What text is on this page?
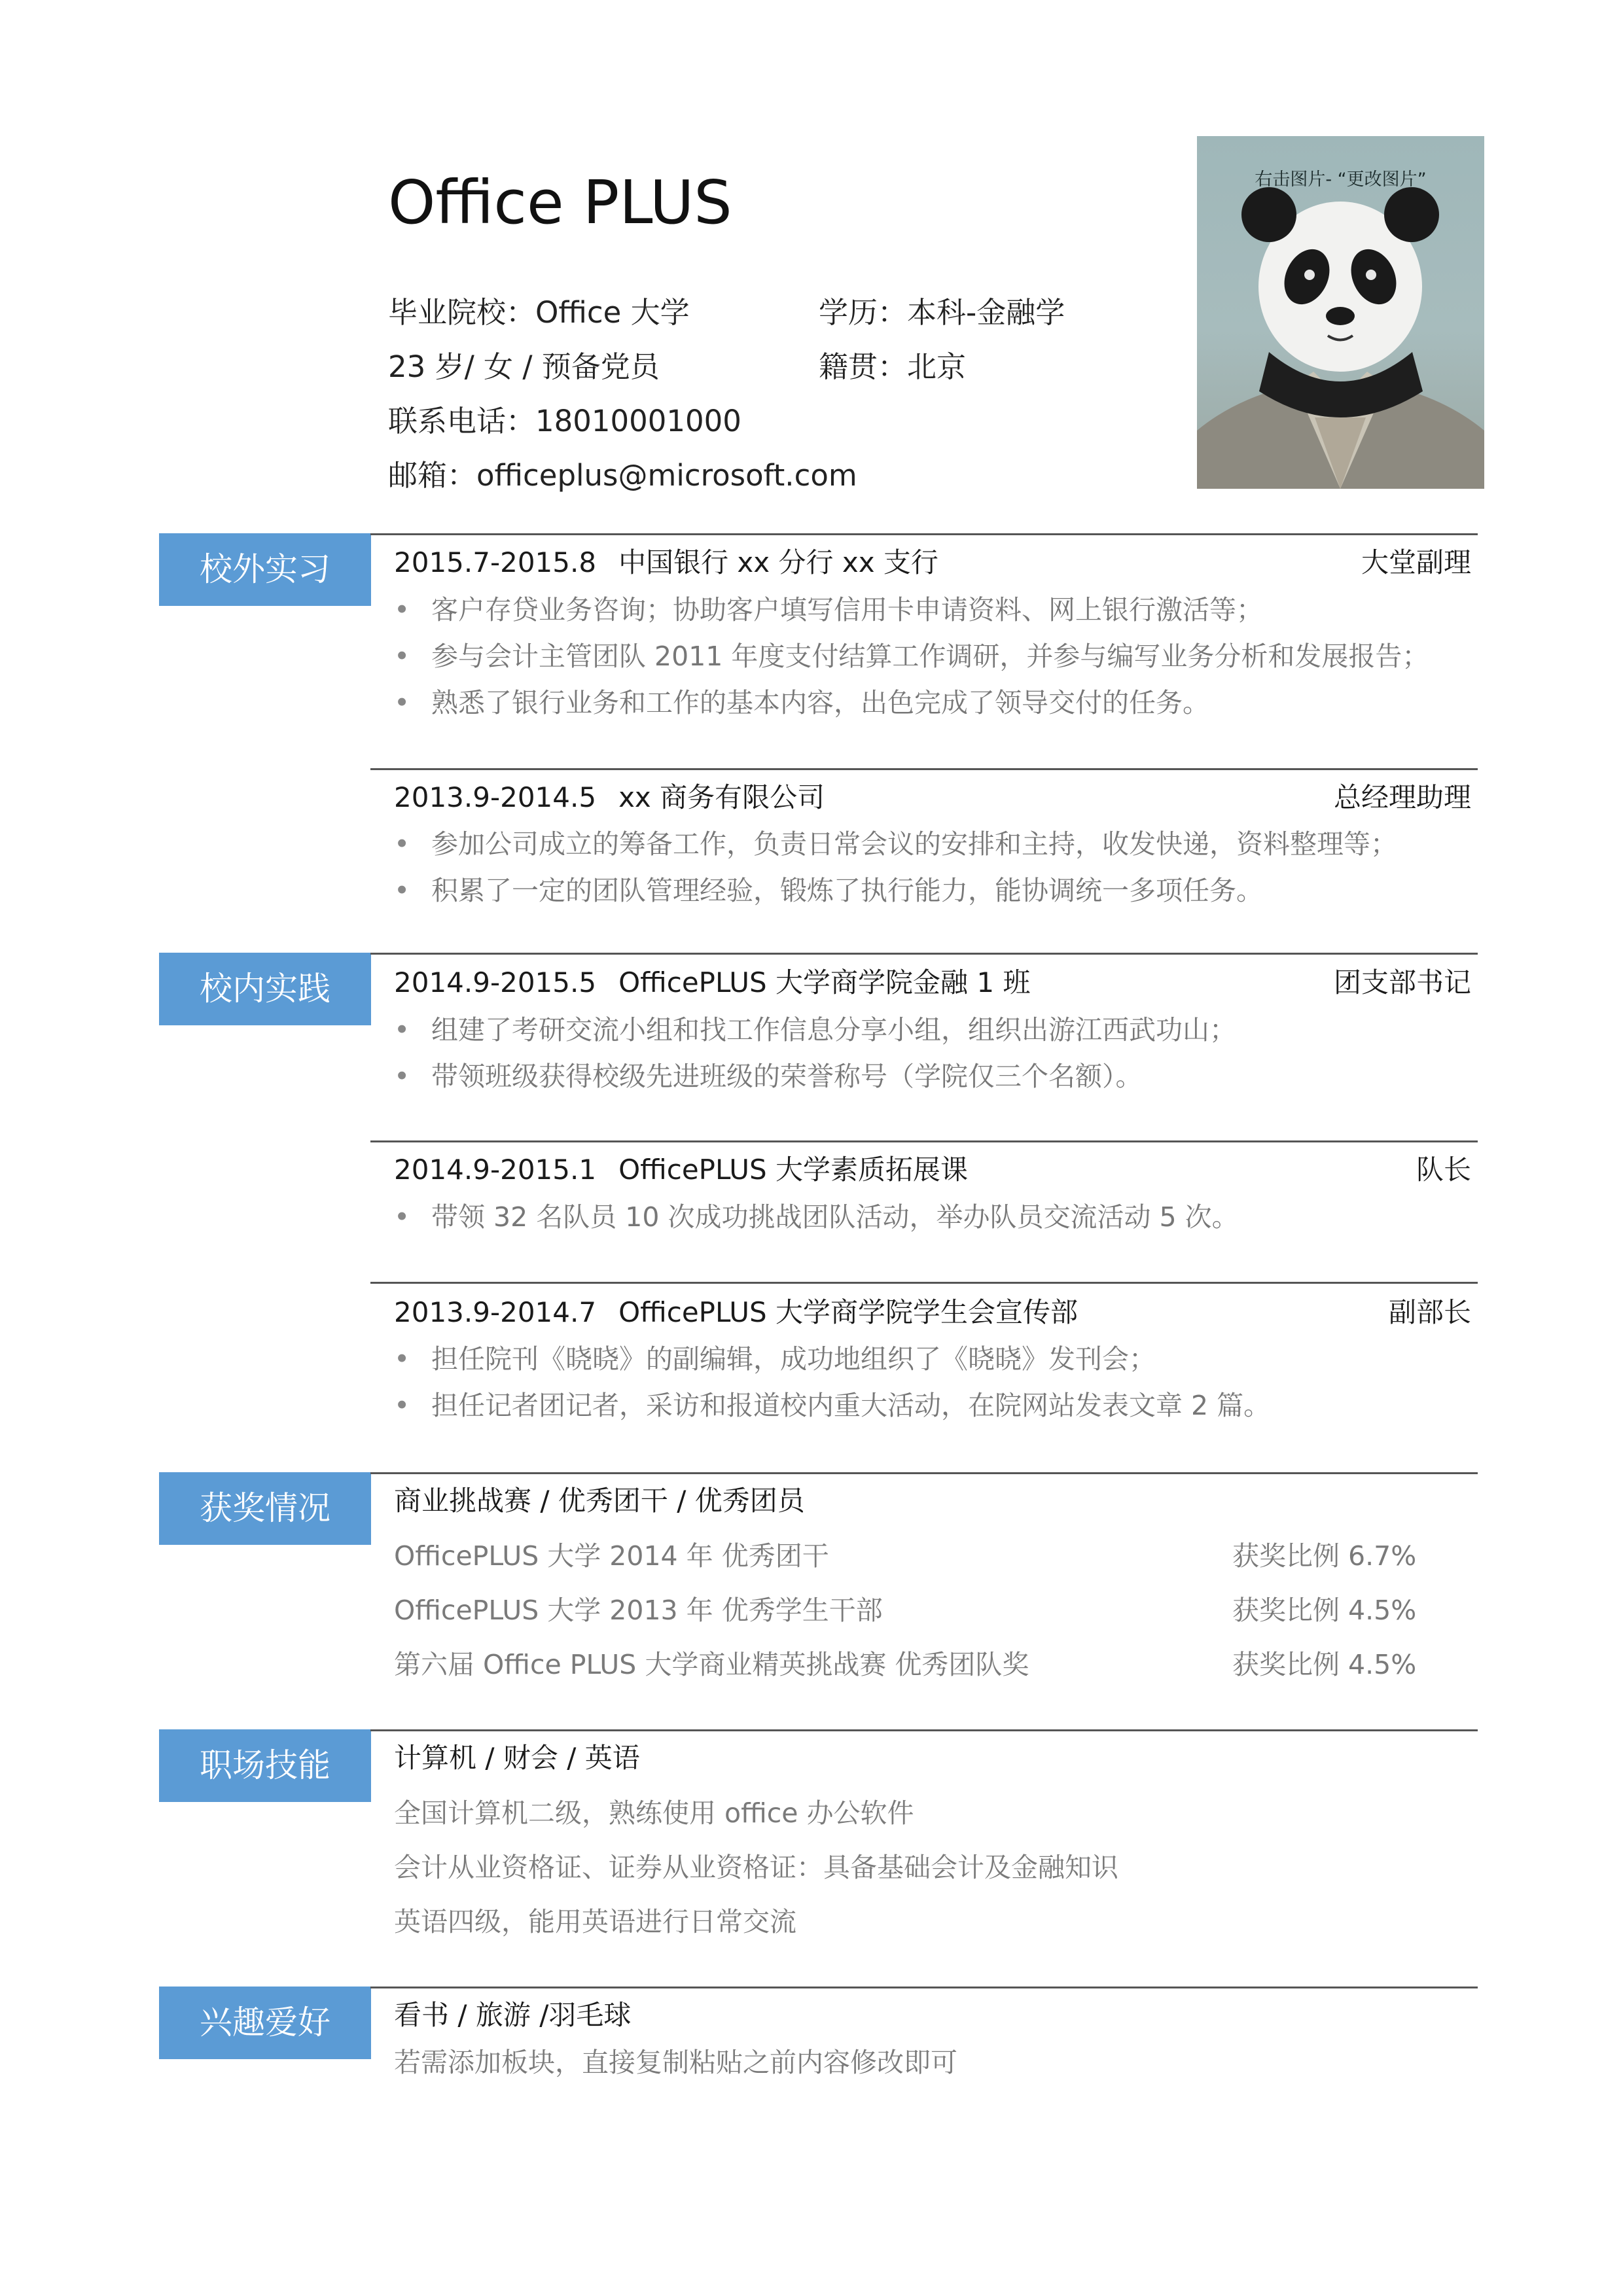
Office PLUS
毕业院校：Office 大学	学历：本科-金融学
23 岁/ 女 / 预备党员	籍贯：北京
联系电话：18010001000
邮箱：officeplus@microsoft.com
右击图片- “更改图片”
校外实习	2015.7-2015.8 中国银行 xx 分行 xx 支行	大堂副理
• 客户存贷业务咨询；协助客户填写信用卡申请资料、网上银行激活等；
• 参与会计主管团队 2011 年度支付结算工作调研，并参与编写业务分析和发展报告；
• 熟悉了银行业务和工作的基本内容，出色完成了领导交付的任务。
2013.9-2014.5 xx 商务有限公司	总经理助理
• 参加公司成立的筹备工作，负责日常会议的安排和主持，收发快递，资料整理等；
• 积累了一定的团队管理经验，锻炼了执行能力，能协调统一多项任务。
校内实践	2014.9-2015.5 OfficePLUS 大学商学院金融 1 班	团支部书记
• 组建了考研交流小组和找工作信息分享小组，组织出游江西武功山；
• 带领班级获得校级先进班级的荣誉称号（学院仅三个名额）。
2014.9-2015.1 OfficePLUS 大学素质拓展课	队长
• 带领 32 名队员 10 次成功挑战团队活动，举办队员交流活动 5 次。
2013.9-2014.7 OfficePLUS 大学商学院学生会宣传部	副部长
• 担任院刊《晓晓》的副编辑，成功地组织了《晓晓》发刊会；
• 担任记者团记者，采访和报道校内重大活动，在院网站发表文章 2 篇。
获奖情况	商业挑战赛 / 优秀团干 / 优秀团员
OfficePLUS 大学 2014 年 优秀团干	获奖比例 6.7%
OfficePLUS 大学 2013 年 优秀学生干部	获奖比例 4.5%
第六届 Office PLUS 大学商业精英挑战赛 优秀团队奖	获奖比例 4.5%
职场技能	计算机 / 财会 / 英语
全国计算机二级，熟练使用 office 办公软件
会计从业资格证、证券从业资格证：具备基础会计及金融知识
英语四级，能用英语进行日常交流
兴趣爱好	看书 / 旅游 /羽毛球
若需添加板块，直接复制粘贴之前内容修改即可
